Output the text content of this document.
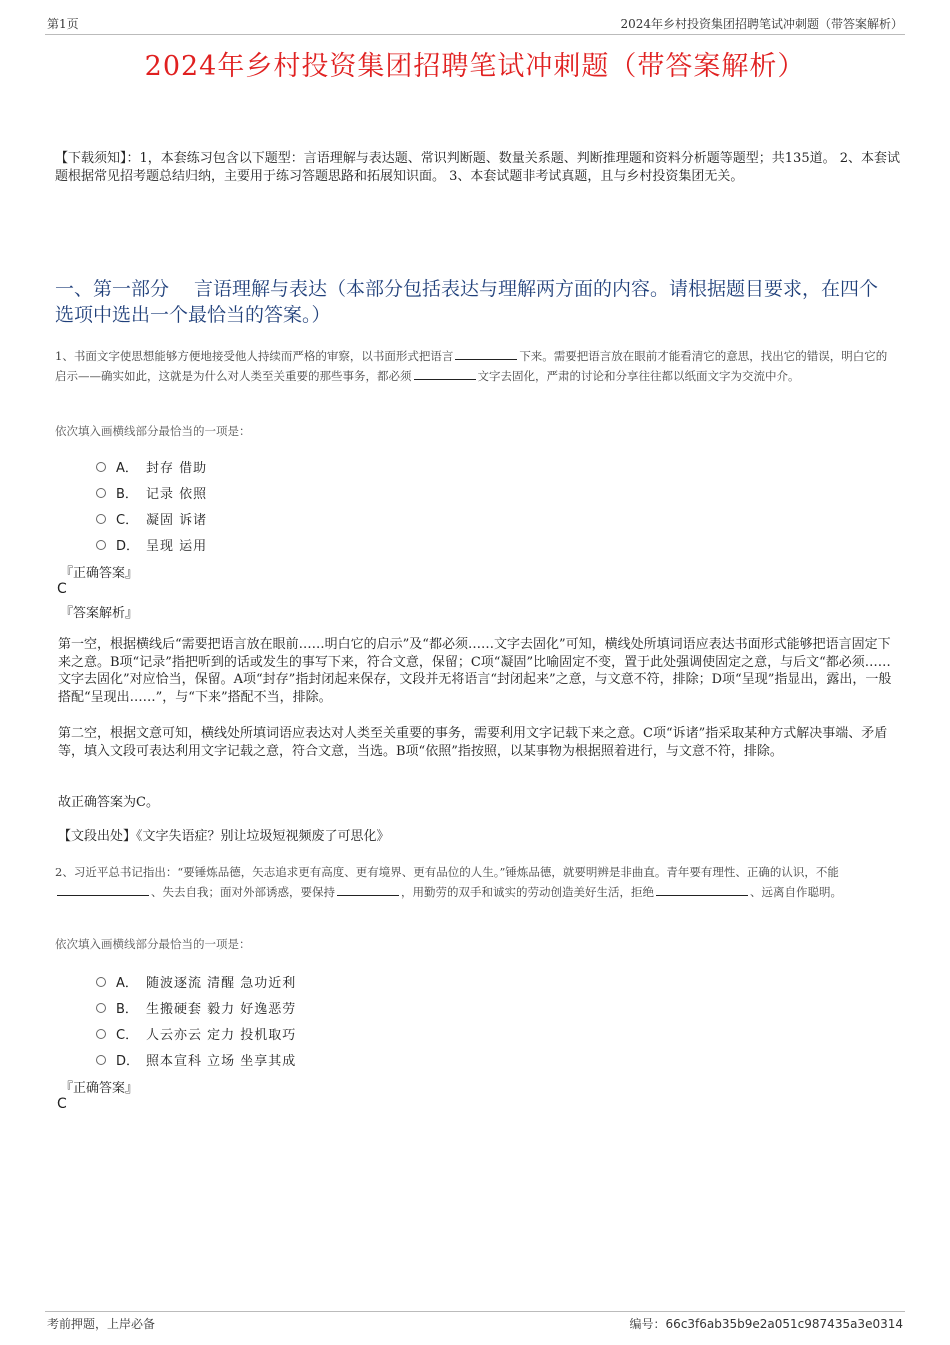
第1页	2024年乡村投资集团招聘笔试冲刺题（带答案解析）
2024年乡村投资集团招聘笔试冲刺题（带答案解析）
【下载须知】：1，本套练习包含以下题型：言语理解与表达题、常识判断题、数量关系题、判断推理题和资料分析题等题型；共135道。 2、本套试题根据常见招考题总结归纳，主要用于练习答题思路和拓展知识面。 3、本套试题非考试真题，且与乡村投资集团无关。
一、第一部分　 言语理解与表达（本部分包括表达与理解两方面的内容。请根据题目要求，在四个选项中选出一个最恰当的答案。）
1、书面文字使思想能够方便地接受他人持续而严格的审察，以书面形式把语言	下来。需要把语言放在眼前才能看清它的意思，找出它的错误，明白它的启示——确实如此，这就是为什么对人类至关重要的那些事务，都必须	文字去固化，严肃的讨论和分享往往都以纸面文字为交流中介。
依次填入画横线部分最恰当的一项是：
A． 封存 借助
B． 记录 依照
C． 凝固 诉诸
D． 呈现 运用
『正确答案』
C
『答案解析』
第一空，根据横线后“需要把语言放在眼前……明白它的启示”及“都必须……文字去固化”可知，横线处所填词语应表达书面形式能够把语言固定下来之意。B项“记录”指把听到的话或发生的事写下来，符合文意，保留；C项“凝固”比喻固定不变，置于此处强调使固定之意，与后文“都必须……文字去固化”对应恰当，保留。A项“封存”指封闭起来保存，文段并无将语言“封闭起来”之意，与文意不符，排除；D项“呈现”指显出，露出，一般搭配“呈现出……”，与“下来”搭配不当，排除。
第二空，根据文意可知，横线处所填词语应表达对人类至关重要的事务，需要利用文字记载下来之意。C项“诉诸”指采取某种方式解决事端、矛盾等，填入文段可表达利用文字记载之意，符合文意，当选。B项“依照”指按照，以某事物为根据照着进行，与文意不符，排除。
故正确答案为C。
【文段出处】《文字失语症？别让垃圾短视频废了可思化》
2、习近平总书记指出：“要锤炼品德，矢志追求更有高度、更有境界、更有品位的人生。”锤炼品德，就要明辨是非曲直。青年要有理性、正确的认识，不能、失去自我；面对外部诱惑，要保持	，用勤劳的双手和诚实的劳动创造美好生活，拒绝	、远离自作聪明。
依次填入画横线部分最恰当的一项是：
A． 随波逐流 清醒 急功近利
B． 生搬硬套 毅力 好逸恶劳
C． 人云亦云 定力 投机取巧
D． 照本宣科 立场 坐享其成
『正确答案』
C
考前押题，上岸必备	编号：66c3f6ab35b9e2a051c987435a3e0314
